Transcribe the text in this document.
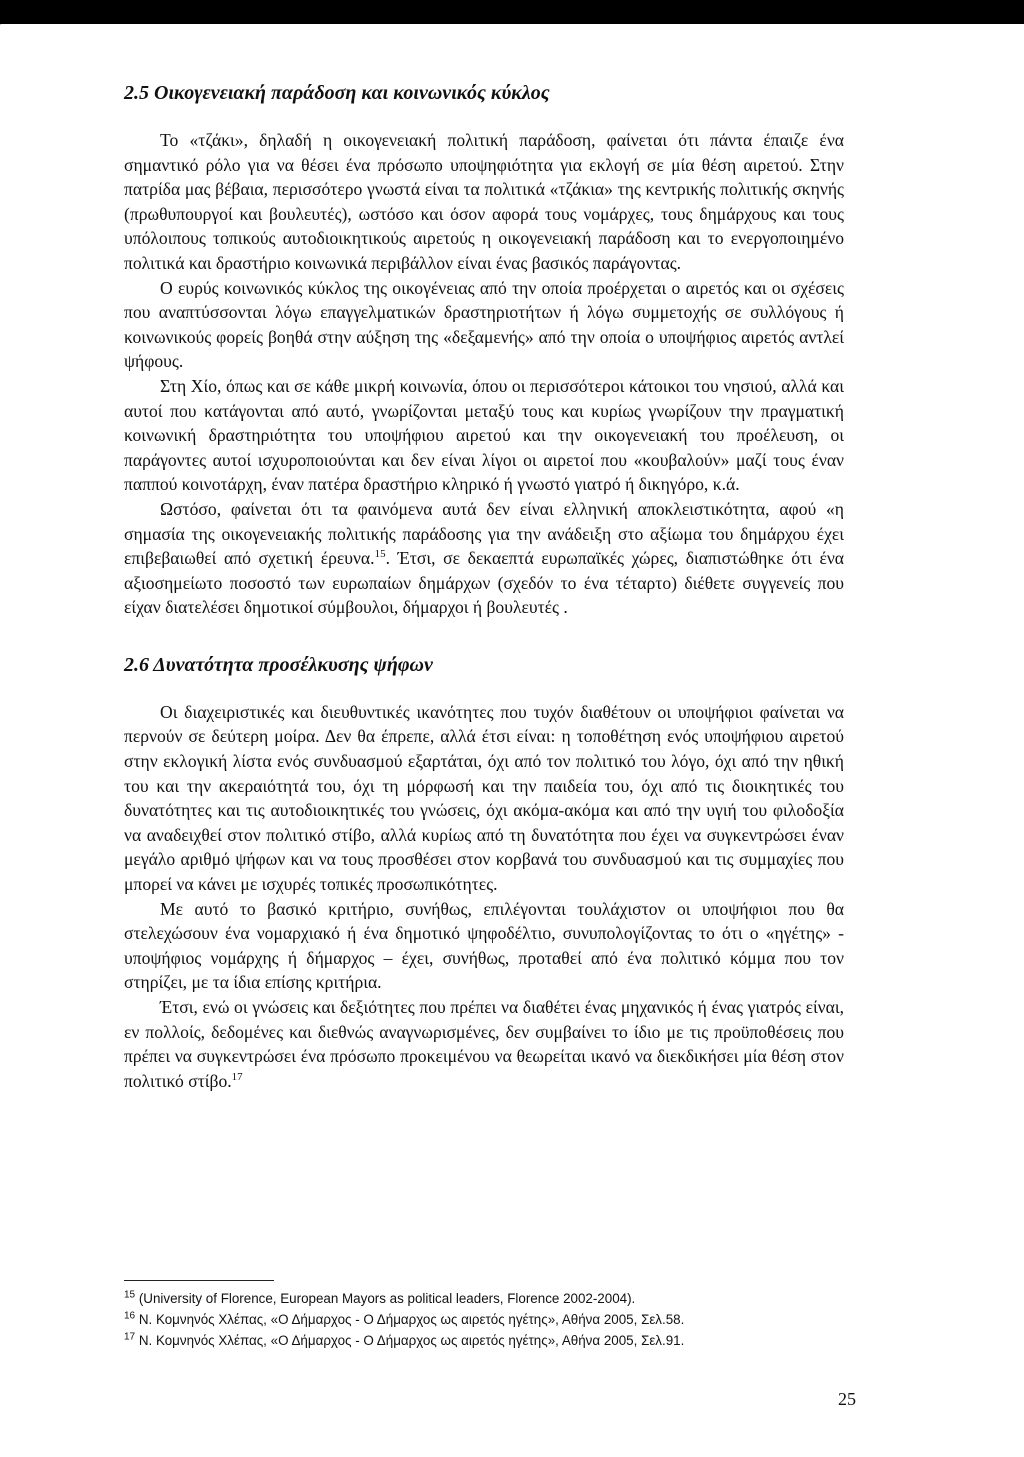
2.5 Οικογενειακή παράδοση και κοινωνικός κύκλος

Το «τζάκι», δηλαδή η οικογενειακή πολιτική παράδοση, φαίνεται ότι πάντα έπαιζε ένα σημαντικό ρόλο για να θέσει ένα πρόσωπο υποψηφιότητα για εκλογή σε μία θέση αιρετού. Στην πατρίδα μας βέβαια, περισσότερο γνωστά είναι τα πολιτικά «τζάκια» της κεντρικής πολιτικής σκηνής (πρωθυπουργοί και βουλευτές), ωστόσο και όσον αφορά τους νομάρχες, τους δημάρχους και τους υπόλοιπους τοπικούς αυτοδιοικητικούς αιρετούς η οικογενειακή παράδοση και το ενεργοποιημένο πολιτικά και δραστήριο κοινωνικά περιβάλλον είναι ένας βασικός παράγοντας.

Ο ευρύς κοινωνικός κύκλος της οικογένειας από την οποία προέρχεται ο αιρετός και οι σχέσεις που αναπτύσσονται λόγω επαγγελματικών δραστηριοτήτων ή λόγω συμμετοχής σε συλλόγους ή κοινωνικούς φορείς βοηθά στην αύξηση της «δεξαμενής» από την οποία ο υποψήφιος αιρετός αντλεί ψήφους.

Στη Χίο, όπως και σε κάθε μικρή κοινωνία, όπου οι περισσότεροι κάτοικοι του νησιού, αλλά και αυτοί που κατάγονται από αυτό, γνωρίζονται μεταξύ τους και κυρίως γνωρίζουν την πραγματική κοινωνική δραστηριότητα του υποψήφιου αιρετού και την οικογενειακή του προέλευση, οι παράγοντες αυτοί ισχυροποιούνται και δεν είναι λίγοι οι αιρετοί που «κουβαλούν» μαζί τους έναν παππού κοινοτάρχη, έναν πατέρα δραστήριο κληρικό ή γνωστό γιατρό ή δικηγόρο, κ.ά.

Ωστόσο, φαίνεται ότι τα φαινόμενα αυτά δεν είναι ελληνική αποκλειστικότητα, αφού «η σημασία της οικογενειακής πολιτικής παράδοσης για την ανάδειξη στο αξίωμα του δημάρχου έχει επιβεβαιωθεί από σχετική έρευνα.$^{15}$. Έτσι, σε δεκαεπτά ευρωπαϊκές χώρες, διαπιστώθηκε ότι ένα αξιοσημείωτο ποσοστό των ευρωπαίων δημάρχων (σχεδόν το ένα τέταρτο) διέθετε συγγενείς που είχαν διατελέσει δημοτικοί σύμβουλοι, δήμαρχοι ή βουλευτές .

2.6 Δυνατότητα προσέλκυσης ψήφων

Οι διαχειριστικές και διευθυντικές ικανότητες που τυχόν διαθέτουν οι υποψήφιοι φαίνεται να περνούν σε δεύτερη μοίρα. Δεν θα έπρεπε, αλλά έτσι είναι: η τοποθέτηση ενός υποψήφιου αιρετού στην εκλογική λίστα ενός συνδυασμού εξαρτάται, όχι από τον πολιτικό του λόγο, όχι από την ηθική του και την ακεραιότητά του, όχι τη μόρφωσή και την παιδεία του, όχι από τις διοικητικές του δυνατότητες και τις αυτοδιοικητικές του γνώσεις, όχι ακόμα-ακόμα και από την υγιή του φιλοδοξία να αναδειχθεί στον πολιτικό στίβο, αλλά κυρίως από τη δυνατότητα που έχει να συγκεντρώσει έναν μεγάλο αριθμό ψήφων και να τους προσθέσει στον κορβανά του συνδυασμού και τις συμμαχίες που μπορεί να κάνει με ισχυρές τοπικές προσωπικότητες.

Με αυτό το βασικό κριτήριο, συνήθως, επιλέγονται τουλάχιστον οι υποψήφιοι που θα στελεχώσουν ένα νομαρχιακό ή ένα δημοτικό ψηφοδέλτιο, συνυπολογίζοντας το ότι ο «ηγέτης» - υποψήφιος νομάρχης ή δήμαρχος – έχει, συνήθως, προταθεί από ένα πολιτικό κόμμα που τον στηρίζει, με τα ίδια επίσης κριτήρια.

Έτσι, ενώ οι γνώσεις και δεξιότητες που πρέπει να διαθέτει ένας μηχανικός ή ένας γιατρός είναι, εν πολλοίς, δεδομένες και διεθνώς αναγνωρισμένες, δεν συμβαίνει το ίδιο με τις προϋποθέσεις που πρέπει να συγκεντρώσει ένα πρόσωπο προκειμένου να θεωρείται ικανό να διεκδικήσει μία θέση στον πολιτικό στίβο.$^{17}$

$^{15}$ (University of Florence, European Mayors as political leaders, Florence 2002-2004).
$^{16}$ Ν. Κομνηνός Χλέπας, «Ο Δήμαρχος - Ο Δήμαρχος ως αιρετός ηγέτης», Αθήνα 2005, Σελ.58.
$^{17}$ Ν. Κομνηνός Χλέπας, «Ο Δήμαρχος - Ο Δήμαρχος ως αιρετός ηγέτης», Αθήνα 2005, Σελ.91.
25
